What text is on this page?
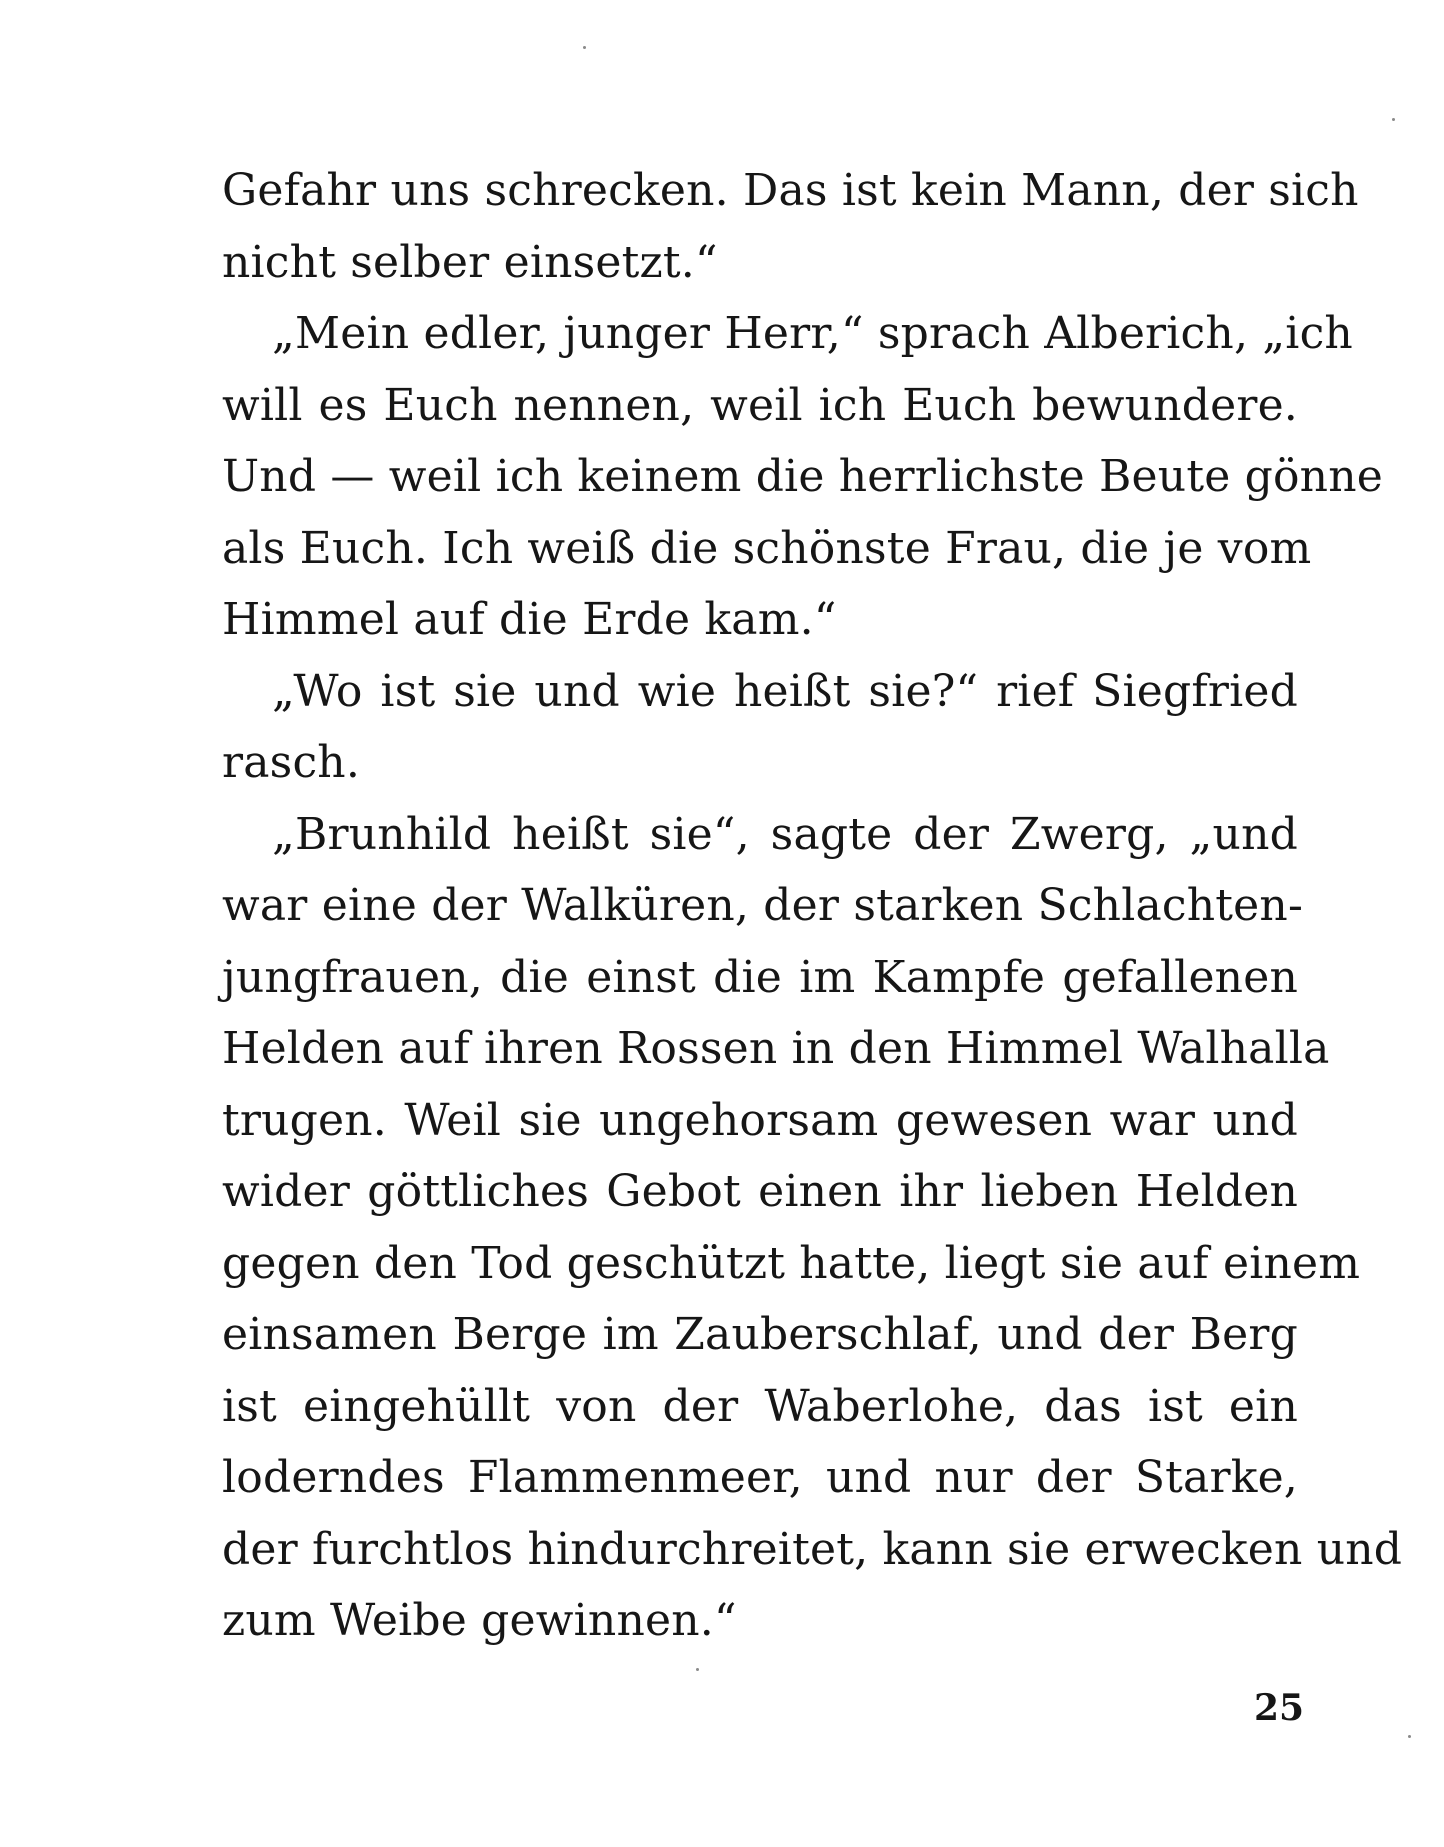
Gefahr uns schrecken. Das ist kein Mann, der sich
nicht selber einsetzt.“
„Mein edler, junger Herr,“ sprach Alberich, „ich
will es Euch nennen, weil ich Euch bewundere.
Und — weil ich keinem die herrlichste Beute gönne
als Euch. Ich weiß die schönste Frau, die je vom
Himmel auf die Erde kam.“
„Wo ist sie und wie heißt sie?“ rief Siegfried
rasch.
„Brunhild heißt sie“, sagte der Zwerg, „und
war eine der Walküren, der starken Schlachten-
jungfrauen, die einst die im Kampfe gefallenen
Helden auf ihren Rossen in den Himmel Walhalla
trugen. Weil sie ungehorsam gewesen war und
wider göttliches Gebot einen ihr lieben Helden
gegen den Tod geschützt hatte, liegt sie auf einem
einsamen Berge im Zauberschlaf, und der Berg
ist eingehüllt von der Waberlohe, das ist ein
loderndes Flammenmeer, und nur der Starke,
der furchtlos hindurchreitet, kann sie erwecken und
zum Weibe gewinnen.“
25
